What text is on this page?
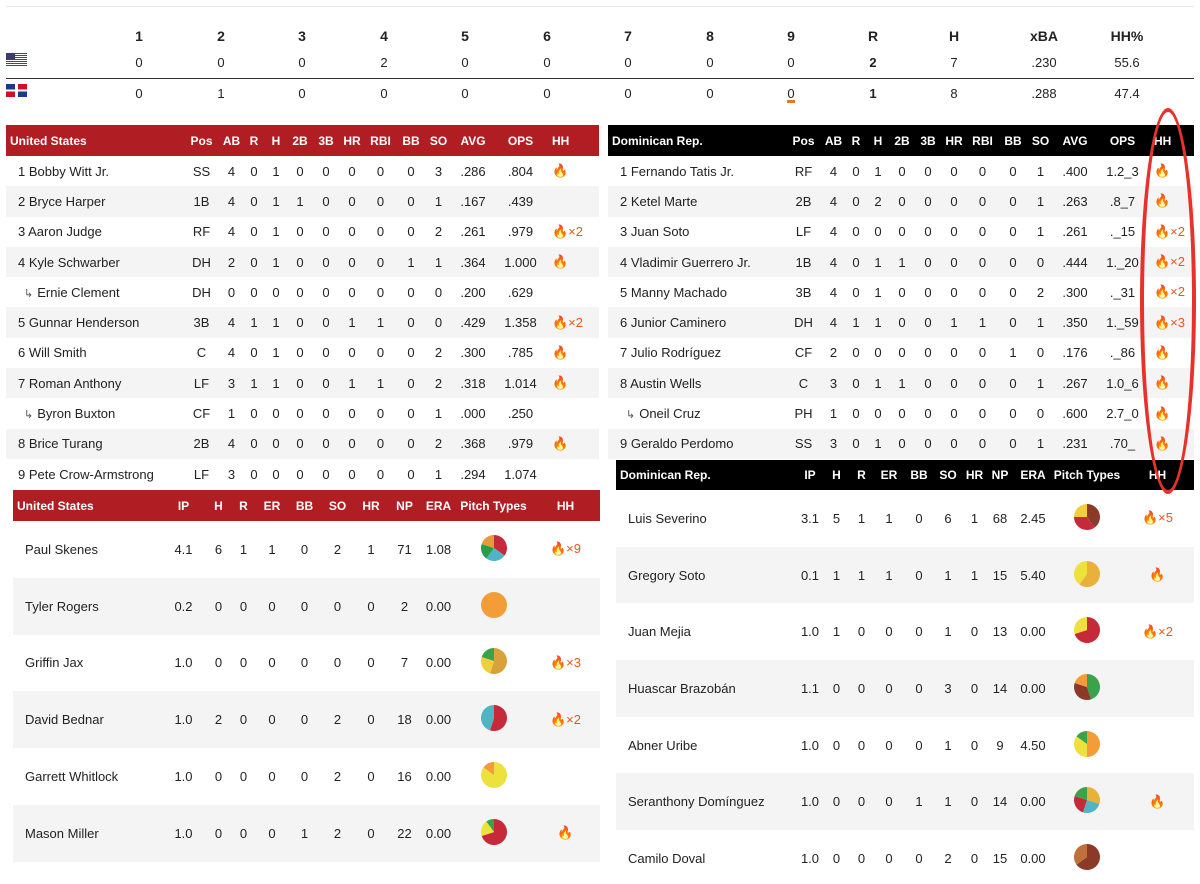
1	2	3	4	5	6	7	8	9	R	H	xBA	HH%
0	0	0	2	0	0	0	0	0	2	7	.230	55.6
0	1	0	0	0	0	0	0	0	1	8	.288	47.4
United States	Pos	AB	R	H	2B	3B	HR	RBI	BB	SO	AVG	OPS	HH
1 Bobby Witt Jr.	SS	4	0	1	0	0	0	0	0	3	.286	.804	🔥
2 Bryce Harper	1B	4	0	1	1	0	0	0	0	1	.167	.439	
3 Aaron Judge	RF	4	0	1	0	0	0	0	0	2	.261	.979	🔥×2
4 Kyle Schwarber	DH	2	0	1	0	0	0	0	1	1	.364	1.000	🔥
↳ Ernie Clement	DH	0	0	0	0	0	0	0	0	0	.200	.629	
5 Gunnar Henderson	3B	4	1	1	0	0	1	1	0	0	.429	1.358	🔥×2
6 Will Smith	C	4	0	1	0	0	0	0	0	2	.300	.785	🔥
7 Roman Anthony	LF	3	1	1	0	0	1	1	0	2	.318	1.014	🔥
↳ Byron Buxton	CF	1	0	0	0	0	0	0	0	1	.000	.250	
8 Brice Turang	2B	4	0	0	0	0	0	0	0	2	.368	.979	🔥
9 Pete Crow-Armstrong	LF	3	0	0	0	0	0	0	0	1	.294	1.074	
Dominican Rep.	Pos	AB	R	H	2B	3B	HR	RBI	BB	SO	AVG	OPS	HH
1 Fernando Tatis Jr.	RF	4	0	1	0	0	0	0	0	1	.400	1.2_3	🔥
2 Ketel Marte	2B	4	0	2	0	0	0	0	0	1	.263	.8_7	🔥
3 Juan Soto	LF	4	0	0	0	0	0	0	0	1	.261	._15	🔥×2
4 Vladimir Guerrero Jr.	1B	4	0	1	1	0	0	0	0	0	.444	1._20	🔥×2
5 Manny Machado	3B	4	0	1	0	0	0	0	0	2	.300	._31	🔥×2
6 Junior Caminero	DH	4	1	1	0	0	1	1	0	1	.350	1._59	🔥×3
7 Julio Rodríguez	CF	2	0	0	0	0	0	0	1	0	.176	._86	🔥
8 Austin Wells	C	3	0	1	1	0	0	0	0	1	.267	1.0_6	🔥
↳ Oneil Cruz	PH	1	0	0	0	0	0	0	0	0	.600	2.7_0	🔥
9 Geraldo Perdomo	SS	3	0	1	0	0	0	0	0	1	.231	.70_	🔥
United States	IP	H	R	ER	BB	SO	HR	NP	ERA	Pitch Types	HH
Paul Skenes	4.1	6	1	1	0	2	1	71	1.08		🔥×9
Tyler Rogers	0.2	0	0	0	0	0	0	2	0.00		
Griffin Jax	1.0	0	0	0	0	0	0	7	0.00		🔥×3
David Bednar	1.0	2	0	0	0	2	0	18	0.00		🔥×2
Garrett Whitlock	1.0	0	0	0	0	2	0	16	0.00		
Mason Miller	1.0	0	0	0	1	2	0	22	0.00		🔥
Dominican Rep.	IP	H	R	ER	BB	SO	HR	NP	ERA	Pitch Types	HH
Luis Severino	3.1	5	1	1	0	6	1	68	2.45		🔥×5
Gregory Soto	0.1	1	1	1	0	1	1	15	5.40		🔥
Juan Mejia	1.0	1	0	0	0	1	0	13	0.00		🔥×2
Huascar Brazobán	1.1	0	0	0	0	3	0	14	0.00		
Abner Uribe	1.0	0	0	0	0	1	0	9	4.50		
Seranthony Domínguez	1.0	0	0	0	1	1	0	14	0.00		🔥
Camilo Doval	1.0	0	0	0	0	2	0	15	0.00		
